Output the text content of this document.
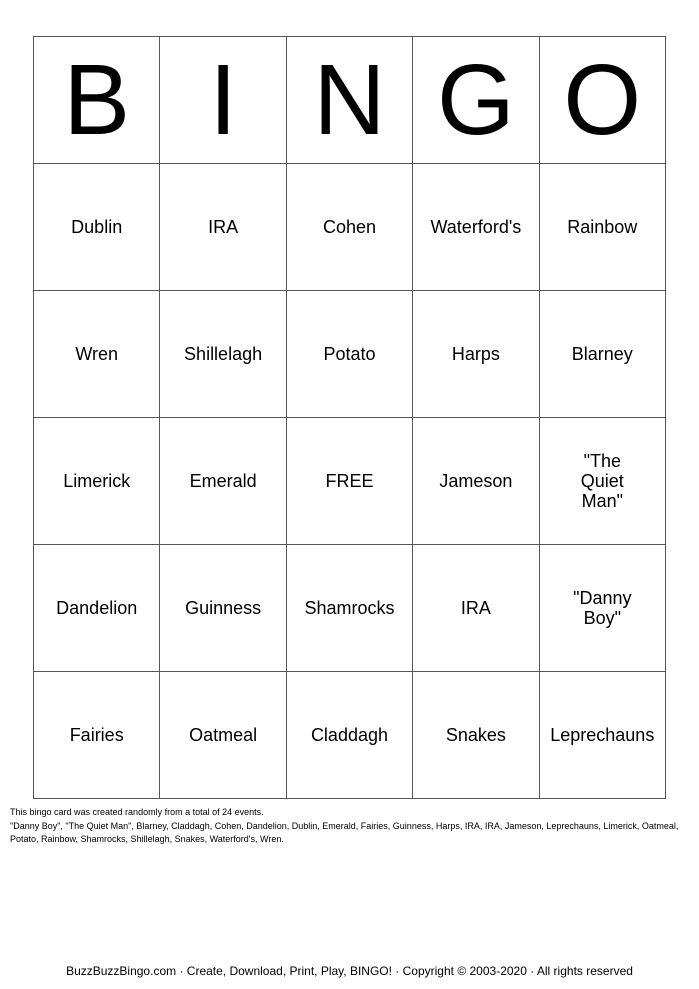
B	I	N	G	O
Dublin	IRA	Cohen	Waterford's	Rainbow
Wren	Shillelagh	Potato	Harps	Blarney
Limerick	Emerald	FREE	Jameson	"The Quiet Man"
Dandelion	Guinness	Shamrocks	IRA	"Danny Boy"
Fairies	Oatmeal	Claddagh	Snakes	Leprechauns
This bingo card was created randomly from a total of 24 events.
"Danny Boy", "The Quiet Man", Blarney, Claddagh, Cohen, Dandelion, Dublin, Emerald, Fairies, Guinness, Harps, IRA, IRA, Jameson, Leprechauns, Limerick, Oatmeal, Potato, Rainbow, Shamrocks, Shillelagh, Snakes, Waterford's, Wren.
BuzzBuzzBingo.com · Create, Download, Print, Play, BINGO! · Copyright © 2003-2020 · All rights reserved
